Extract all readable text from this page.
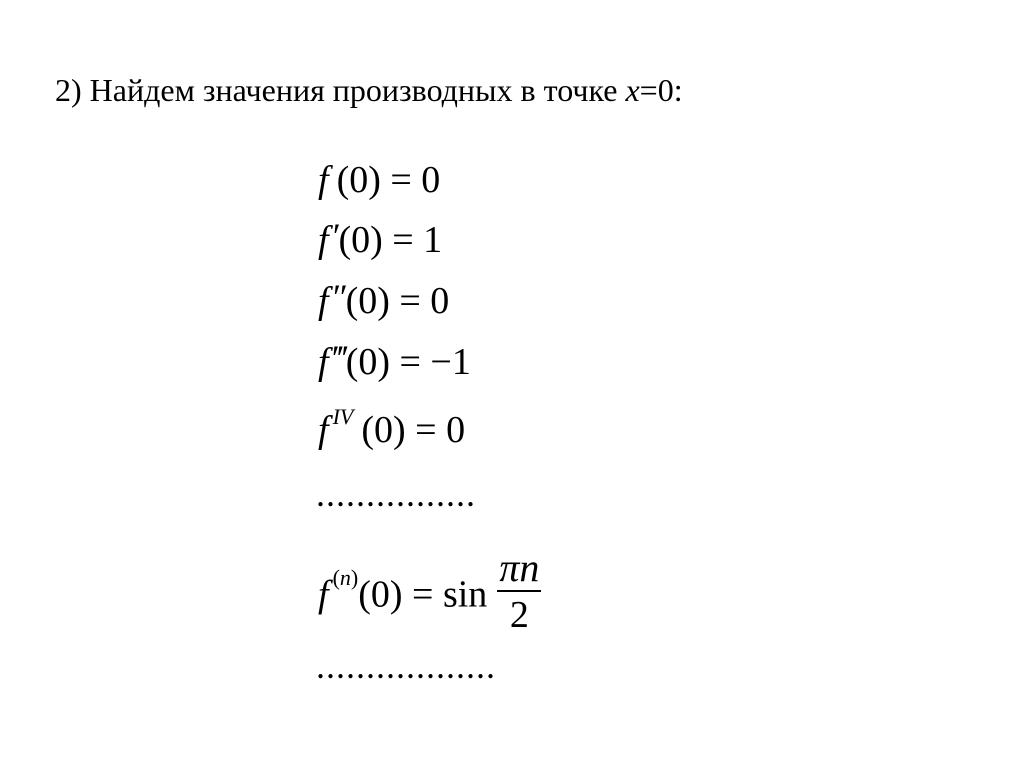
2) Найдем значения производных в точке x=0:
f (0) = 0
f′(0) = 1
f″(0) = 0
f‴(0) = −1
f $^{IV}$ (0) = 0
................
f $^{(n)}(0) = \sin \frac{\pi n}{2}$
..................
